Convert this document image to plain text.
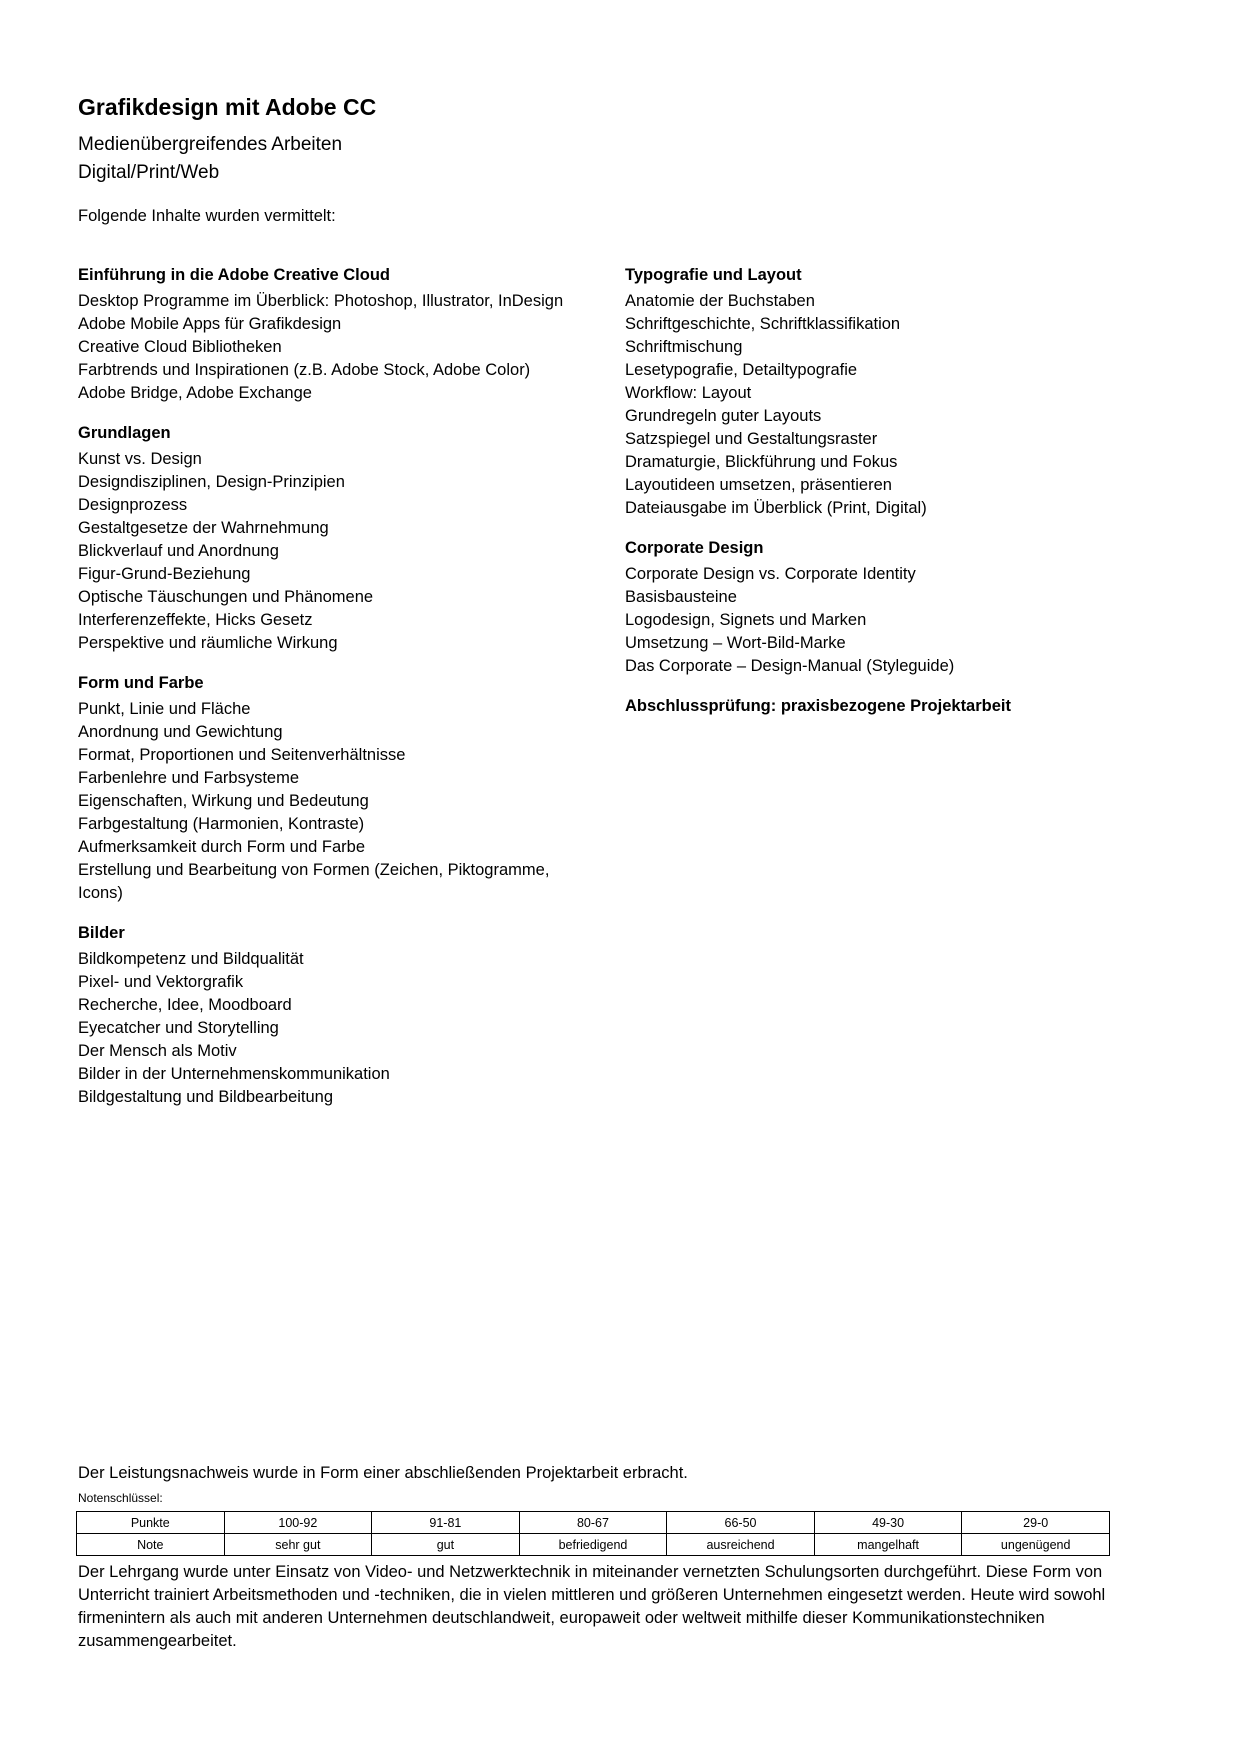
Grafikdesign mit Adobe CC

Medienübergreifendes Arbeiten
Digital/Print/Web

Folgende Inhalte wurden vermittelt:

Einführung in die Adobe Creative Cloud
Desktop Programme im Überblick: Photoshop, Illustrator, InDesign
Adobe Mobile Apps für Grafikdesign
Creative Cloud Bibliotheken
Farbtrends und Inspirationen (z.B. Adobe Stock, Adobe Color)
Adobe Bridge, Adobe Exchange
Grundlagen
Kunst vs. Design
Designdisziplinen, Design-Prinzipien
Designprozess
Gestaltgesetze der Wahrnehmung
Blickverlauf und Anordnung
Figur-Grund-Beziehung
Optische Täuschungen und Phänomene
Interferenzeffekte, Hicks Gesetz
Perspektive und räumliche Wirkung
Form und Farbe
Punkt, Linie und Fläche
Anordnung und Gewichtung
Format, Proportionen und Seitenverhältnisse
Farbenlehre und Farbsysteme
Eigenschaften, Wirkung und Bedeutung
Farbgestaltung (Harmonien, Kontraste)
Aufmerksamkeit durch Form und Farbe
Erstellung und Bearbeitung von Formen (Zeichen, Piktogramme, Icons)
Bilder
Bildkompetenz und Bildqualität
Pixel- und Vektorgrafik
Recherche, Idee, Moodboard
Eyecatcher und Storytelling
Der Mensch als Motiv
Bilder in der Unternehmenskommunikation
Bildgestaltung und Bildbearbeitung
Typografie und Layout
Anatomie der Buchstaben
Schriftgeschichte, Schriftklassifikation
Schriftmischung
Lesetypografie, Detailtypografie
Workflow: Layout
Grundregeln guter Layouts
Satzspiegel und Gestaltungsraster
Dramaturgie, Blickführung und Fokus
Layoutideen umsetzen, präsentieren
Dateiausgabe im Überblick (Print, Digital)
Corporate Design
Corporate Design vs. Corporate Identity
Basisbausteine
Logodesign, Signets und Marken
Umsetzung – Wort-Bild-Marke
Das Corporate – Design-Manual (Styleguide)
Abschlussprüfung: praxisbezogene Projektarbeit

Der Leistungsnachweis wurde in Form einer abschließenden Projektarbeit erbracht.

Notenschlüssel:

Punkte	100-92	91-81	80-67	66-50	49-30	29-0
Note	sehr gut	gut	befriedigend	ausreichend	mangelhaft	ungenügend

Der Lehrgang wurde unter Einsatz von Video- und Netzwerktechnik in miteinander vernetzten Schulungsorten durchgeführt. Diese Form von Unterricht trainiert Arbeitsmethoden und -techniken, die in vielen mittleren und größeren Unternehmen eingesetzt werden. Heute wird sowohl firmenintern als auch mit anderen Unternehmen deutschlandweit, europaweit oder weltweit mithilfe dieser Kommunikationstechniken zusammengearbeitet.
